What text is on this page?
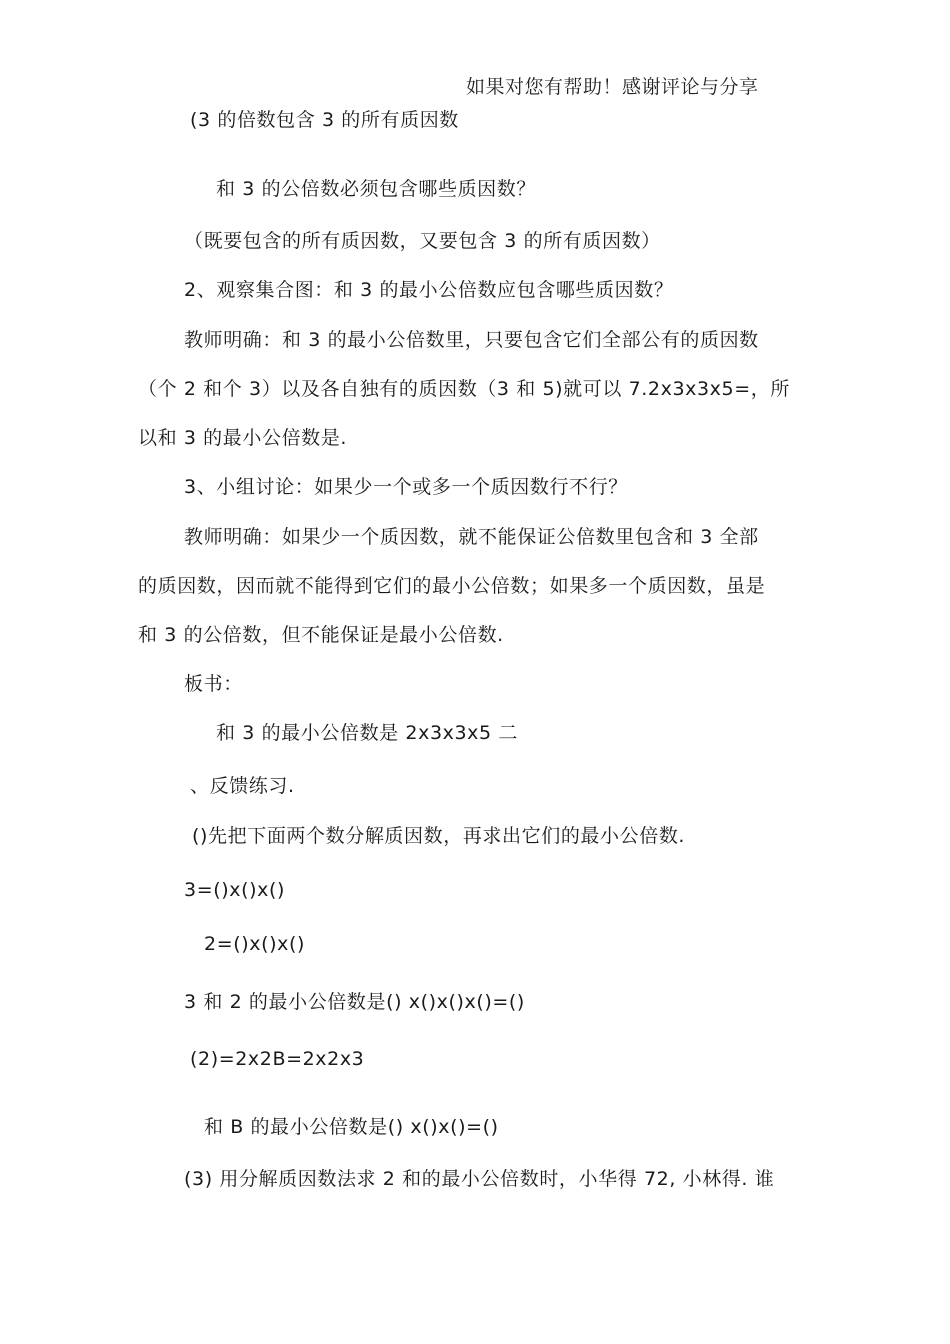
如果对您有帮助！感谢评论与分享
(3 的倍数包含 3 的所有质因数
和 3 的公倍数必须包含哪些质因数？
（既要包含的所有质因数，又要包含 3 的所有质因数）
2、观察集合图：和 3 的最小公倍数应包含哪些质因数？
教师明确：和 3 的最小公倍数里，只要包含它们全部公有的质因数
（个 2 和个 3）以及各自独有的质因数（3 和 5)就可以 7.2x3x3x5=，所
以和 3 的最小公倍数是.
3、小组讨论：如果少一个或多一个质因数行不行？
教师明确：如果少一个质因数，就不能保证公倍数里包含和 3 全部
的质因数，因而就不能得到它们的最小公倍数；如果多一个质因数，虽是
和 3 的公倍数，但不能保证是最小公倍数.
板书：
和 3 的最小公倍数是 2x3x3x5 二
、反馈练习.
()先把下面两个数分解质因数，再求出它们的最小公倍数.
3=()x()x()
2=()x()x()
3 和 2 的最小公倍数是() x()x()x()=()
(2)=2x2B=2x2x3
和 B 的最小公倍数是() x()x()=()
(3) 用分解质因数法求 2 和的最小公倍数时，小华得 72, 小林得. 谁
